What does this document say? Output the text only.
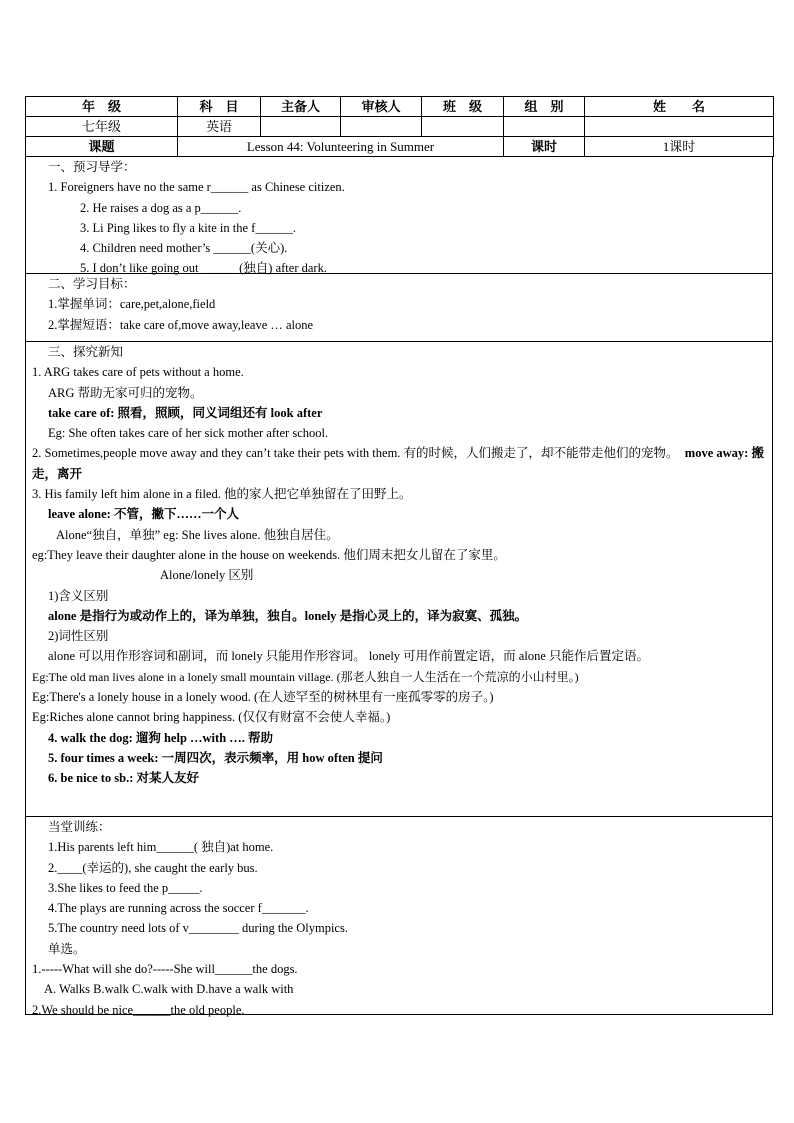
年　级	科　目	主备人	审核人	班　级	组　别	姓　　名
七年级	英语					
课题	Lesson 44: Volunteering in Summer				课时	1课时
一、预习导学：
1. Foreigners have no the same r______ as Chinese citizen.
2. He raises a dog as a p______.
3. Li Ping likes to fly a kite in the f______.
4. Children need mother’s ______(关心).
5. I don’t like going out ______(独自) after dark.
二、学习目标：
1.掌握单词：care,pet,alone,field
2.掌握短语：take care of,move away,leave … alone
三、探究新知
1. ARG takes care of pets without a home.
ARG 帮助无家可归的宠物。
take care of: 照看，照顾，同义词组还有 look after
Eg: She often takes care of her sick mother after school.
2. Sometimes,people move away and they can’t take their pets with them. 有的时候，人们搬走了，却不能带走他们的宠物。 move away: 搬走，离开
3. His family left him alone in a filed. 他的家人把它单独留在了田野上。
leave alone: 不管，撇下……一个人
Alone“独自，单独” eg: She lives alone. 他独自居住。
eg:They leave their daughter alone in the house on weekends. 他们周末把女儿留在了家里。
Alone/lonely 区别
1)含义区别
alone 是指行为或动作上的，译为单独，独自。lonely 是指心灵上的，译为寂寞、孤独。
2)词性区别
alone 可以用作形容词和副词，而 lonely 只能用作形容词。 lonely 可用作前置定语，而 alone 只能作后置定语。
Eg:The old man lives alone in a lonely small mountain village. (那老人独自一人生活在一个荒凉的小山村里。)
Eg:There's a lonely house in a lonely wood. (在人迹罕至的树林里有一座孤零零的房子。)
Eg:Riches alone cannot bring happiness. (仅仅有财富不会使人幸福。)
4. walk the dog: 遛狗 help …with …. 帮助
5. four times a week: 一周四次，表示频率，用 how often 提问
6. be nice to sb.: 对某人友好
当堂训练：
1.His parents left him______( 独自)at home.
2.____(幸运的), she caught the early bus.
3.She likes to feed the p_____.
4.The plays are running across the soccer f_______.
5.The country need lots of v________ during the Olympics.
单选。
1.-----What will she do?-----She will______the dogs.
A. Walks B.walk C.walk with D.have a walk with
2.We should be nice______the old people.
